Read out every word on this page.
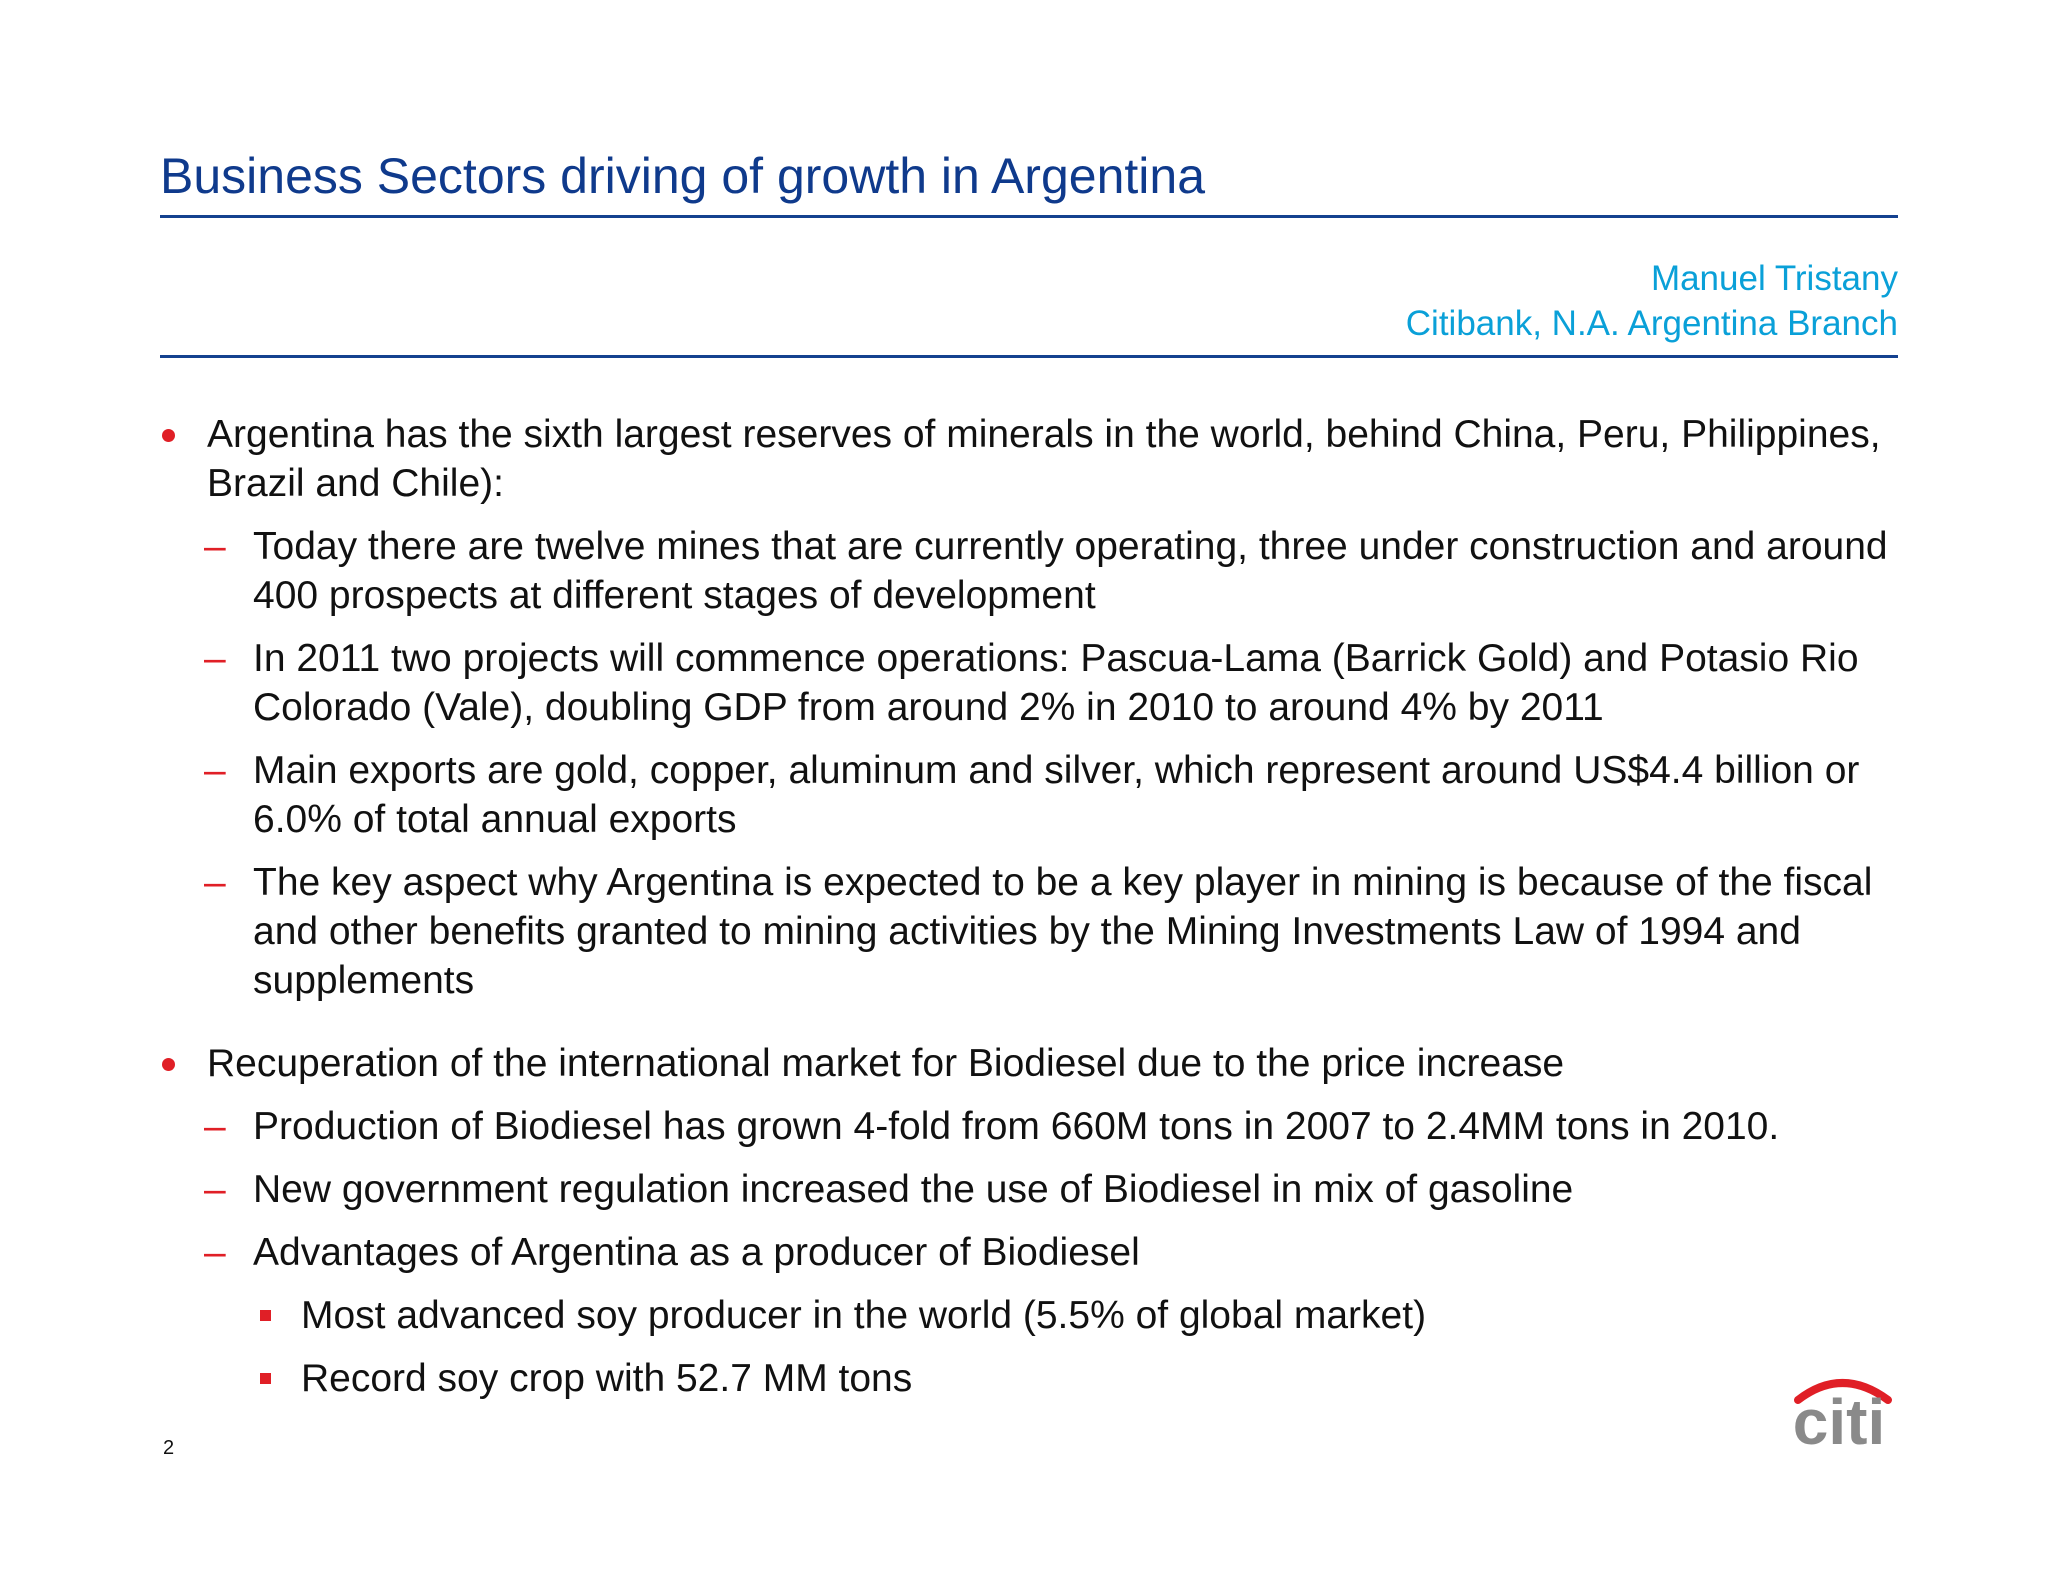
Business Sectors driving of growth in Argentina
Manuel Tristany
Citibank, N.A. Argentina Branch
Argentina has the sixth largest reserves of minerals in the world, behind China, Peru, Philippines, Brazil and Chile):
– Today there are twelve mines that are currently operating, three under construction and around 400 prospects at different stages of development
– In 2011 two projects will commence operations: Pascua-Lama (Barrick Gold) and Potasio Rio Colorado (Vale), doubling GDP from around 2% in 2010 to around 4% by 2011
– Main exports are gold, copper, aluminum and silver, which represent around US$4.4 billion or 6.0% of total annual exports
– The key aspect why Argentina is expected to be a key player in mining is because of the fiscal and other benefits granted to mining activities by the Mining Investments Law of 1994 and supplements
Recuperation of the international market for Biodiesel due to the price increase
– Production of Biodiesel has grown 4-fold from 660M tons in 2007 to 2.4MM tons in 2010.
– New government regulation increased the use of Biodiesel in mix of gasoline
– Advantages of Argentina as a producer of Biodiesel
Most advanced soy producer in the world (5.5% of global market)
Record soy crop with 52.7 MM tons
2	citi
